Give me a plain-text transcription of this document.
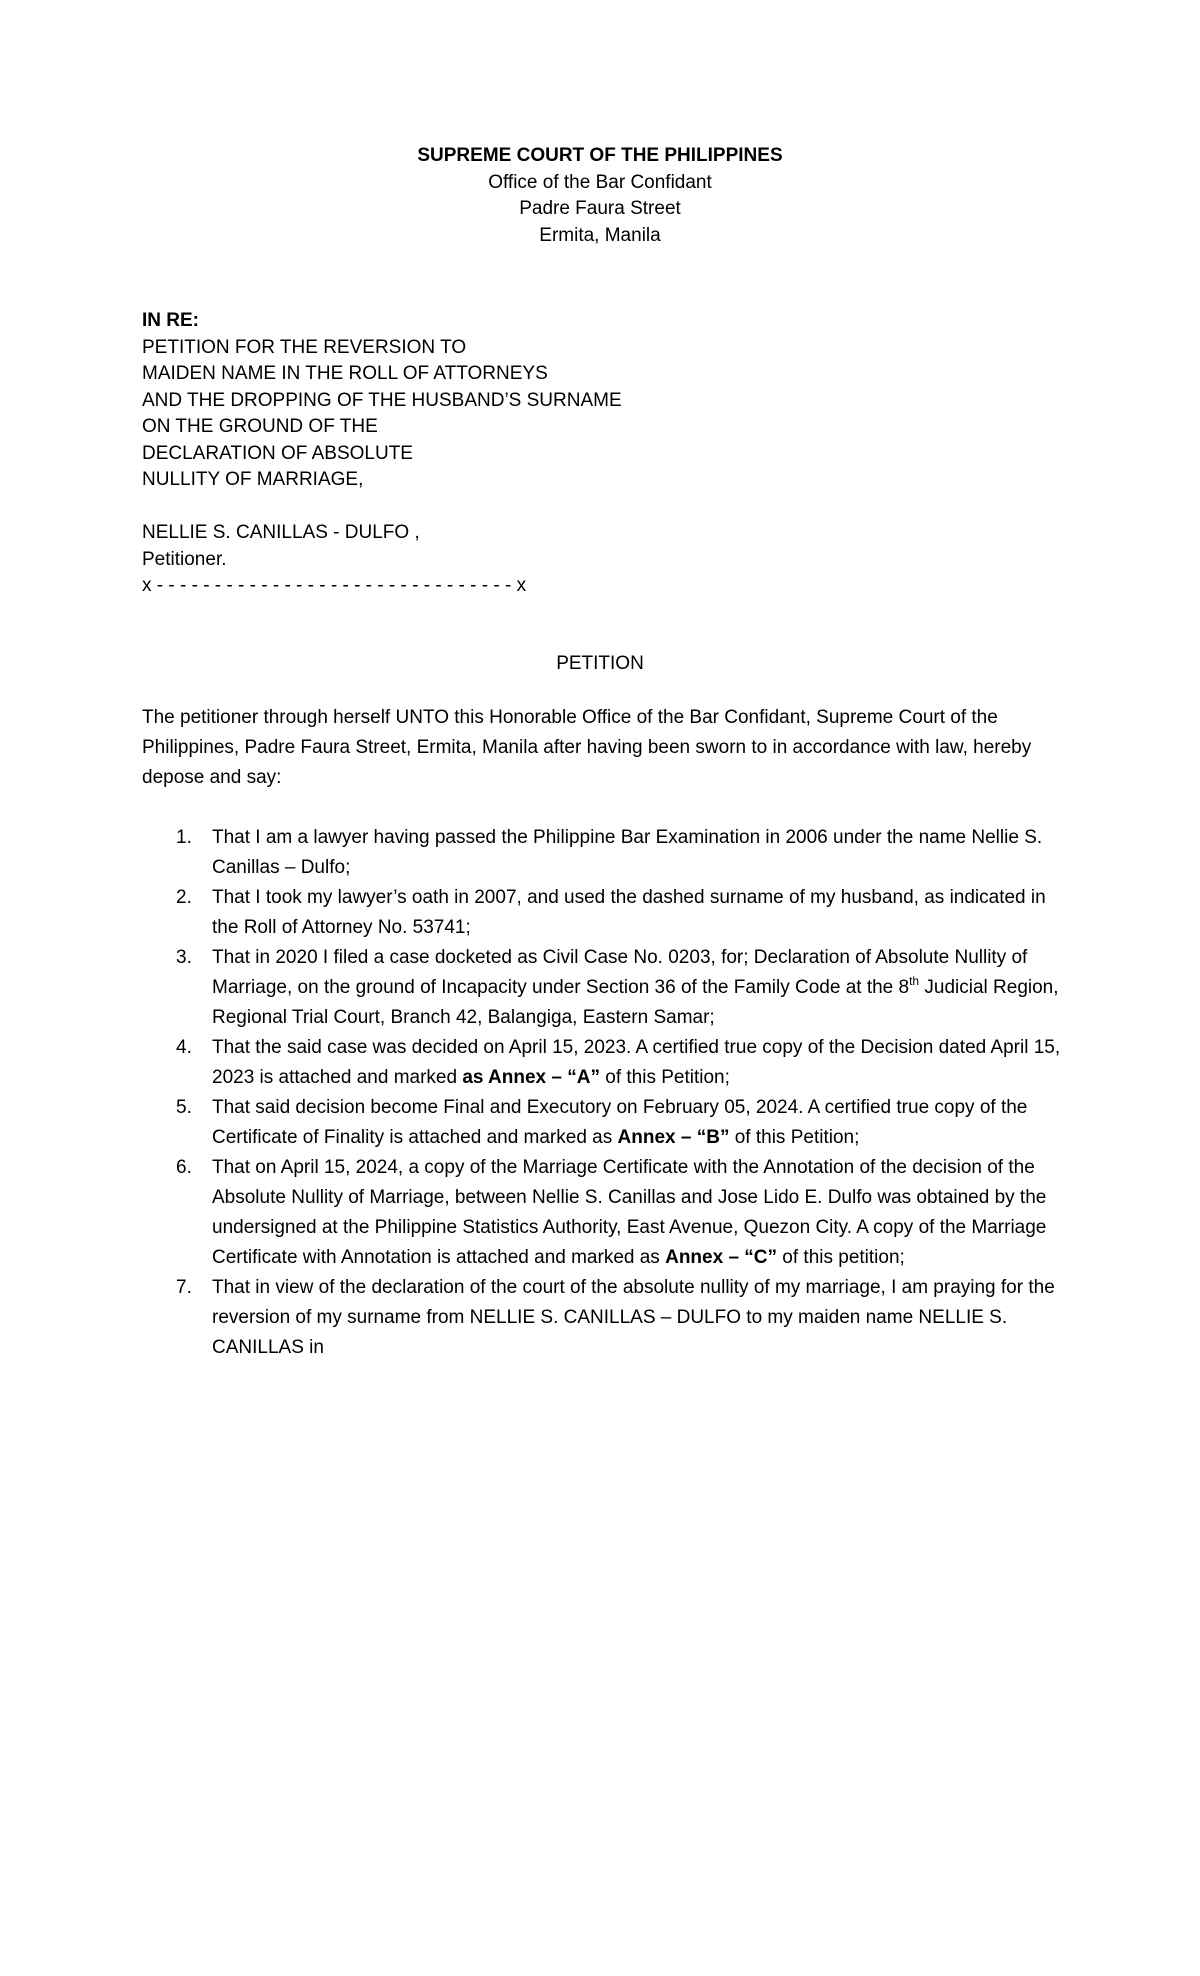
SUPREME COURT OF THE PHILIPPINES
Office of the Bar Confidant
Padre Faura Street
Ermita, Manila
IN RE:
PETITION FOR THE REVERSION TO
MAIDEN NAME IN THE ROLL OF ATTORNEYS
AND THE DROPPING OF THE HUSBAND’S SURNAME
ON THE GROUND OF THE
DECLARATION OF ABSOLUTE
NULLITY OF MARRIAGE,
NELLIE S. CANILLAS - DULFO ,
Petitioner.
x - - - - - - - - - - - - - - - - - - - - - - - - - - - - - - - x
PETITION
The petitioner through herself UNTO this Honorable Office of the Bar Confidant, Supreme Court of the Philippines, Padre Faura Street, Ermita, Manila after having been sworn to in accordance with law, hereby depose and say:
1.	That I am a lawyer having passed the Philippine Bar Examination in 2006 under the name Nellie S. Canillas – Dulfo;
2.	That I took my lawyer’s oath in 2007, and used the dashed surname of my husband, as indicated in the Roll of Attorney No. 53741;
3.	That in 2020 I filed a case docketed as Civil Case No. 0203, for; Declaration of Absolute Nullity of Marriage, on the ground of Incapacity under Section 36 of the Family Code at the 8th Judicial Region, Regional Trial Court, Branch 42, Balangiga, Eastern Samar;
4.	That the said case was decided on April 15, 2023. A certified true copy of the Decision dated April 15, 2023 is attached and marked as Annex – “A” of this Petition;
5.	That said decision become Final and Executory on February 05, 2024. A certified true copy of the Certificate of Finality is attached and marked as Annex – “B” of this Petition;
6.	That on April 15, 2024, a copy of the Marriage Certificate with the Annotation of the decision of the Absolute Nullity of Marriage, between Nellie S. Canillas and Jose Lido E. Dulfo was obtained by the undersigned at the Philippine Statistics Authority, East Avenue, Quezon City. A copy of the Marriage Certificate with Annotation is attached and marked as Annex – “C” of this petition;
7.	That in view of the declaration of the court of the absolute nullity of my marriage, I am praying for the reversion of my surname from NELLIE S. CANILLAS – DULFO to my maiden name NELLIE S. CANILLAS in
